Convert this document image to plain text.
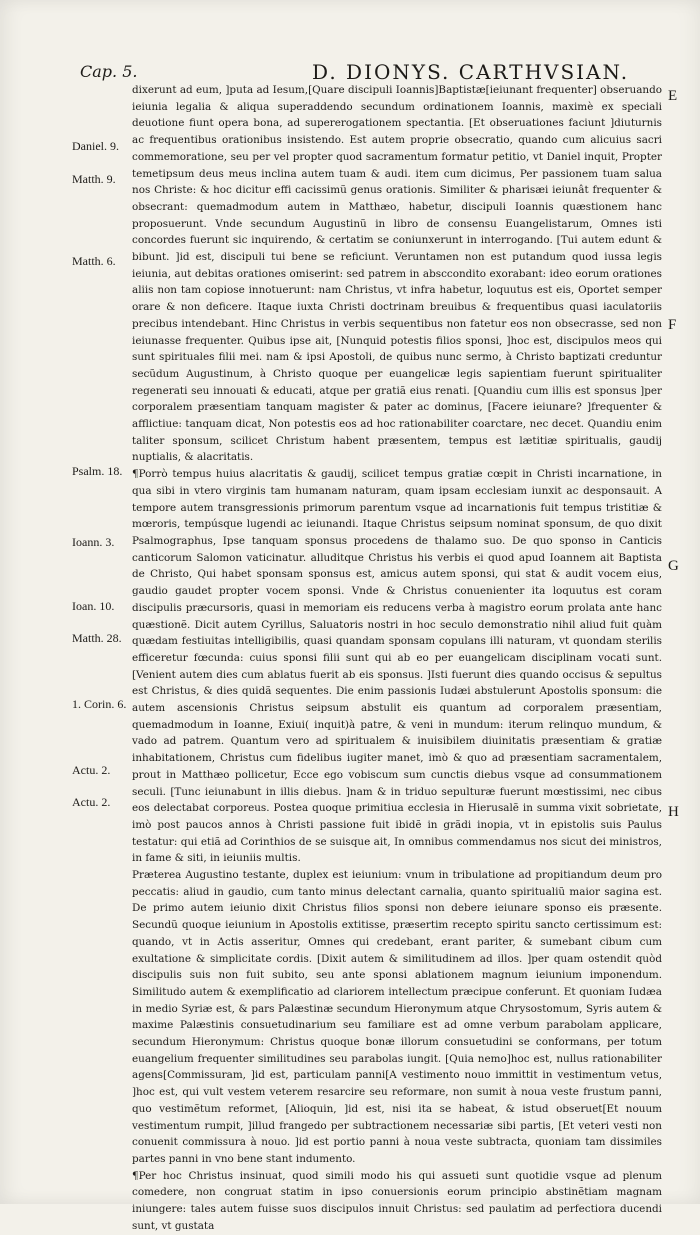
Cap. 5.	D. DIONYS. CARTHVSIAN.

dixerunt ad eum, ]puta ad Iesum,[Quare discipuli Ioannis]Baptistæ[ieiunant frequenter] obseruando ieiunia legalia & aliqua superaddendo secundum ordinationem Ioannis, maximè ex speciali deuotione fiunt opera bona, ad supererogationem spectantia. [Et obseruationes faciunt ]diuturnis ac frequentibus orationibus insistendo. Est autem proprie obsecratio, quando cum alicuius sacri commemoratione, seu per vel propter quod sacramentum formatur petitio, vt Daniel inquit, Propter temetipsum deus meus inclina autem tuam & audi. item cum dicimus, Per passionem tuam salua nos Christe: & hoc dicitur effi cacissimũ genus orationis. Similiter & pharisæi ieiunât frequenter & obsecrant: quemadmodum autem in Matthæo, habetur, discipuli Ioannis quæstionem hanc proposuerunt. Vnde secundum Augustinũ in libro de consensu Euangelistarum, Omnes isti concordes fuerunt sic inquirendo, & certatim se coniunxerunt in interrogando. [Tui autem edunt & bibunt. ]id est, discipuli tui bene se reficiunt. Veruntamen non est putandum quod iussa legis ieiunia, aut debitas orationes omiserint: sed patrem in absccondito exorabant: ideo eorum orationes aliis non tam copiose innotuerunt: nam Christus, vt infra habetur, loquutus est eis, Oportet semper orare & non deficere. Itaque iuxta Christi doctrinam breuibus & frequentibus quasi iaculatoriis precibus intendebant. Hinc Christus in verbis sequentibus non fatetur eos non obsecrasse, sed non ieiunasse frequenter. Quibus ipse ait, [Nunquid potestis filios sponsi, ]hoc est, discipulos meos qui sunt spirituales filii mei. nam & ipsi Apostoli, de quibus nunc sermo, à Christo baptizati creduntur secũdum Augustinum, à Christo quoque per euangelicæ legis sapientiam fuerunt spiritualiter regenerati seu innouati & educati, atque per gratiã eius renati. [Quandiu cum illis est sponsus ]per corporalem præsentiam tanquam magister & pater ac dominus, [Facere ieiunare? ]frequenter & afflictiue: tanquam dicat, Non potestis eos ad hoc rationabiliter coarctare, nec decet. Quandiu enim taliter sponsum, scilicet Christum habent præsentem, tempus est lætitiæ spiritualis, gaudij nuptialis, & alacritatis.

¶Porrò tempus huius alacritatis & gaudij, scilicet tempus gratiæ cœpit in Christi incarnatione, in qua sibi in vtero virginis tam humanam naturam, quam ipsam ecclesiam iunxit ac desponsauit. A tempore autem transgressionis primorum parentum vsque ad incarnationis fuit tempus tristitiæ & mœroris, tempúsque lugendi ac ieiunandi. Itaque Christus seipsum nominat sponsum, de quo dixit Psalmographus, Ipse tanquam sponsus procedens de thalamo suo. De quo sponso in Canticis canticorum Salomon vaticinatur. alluditque Christus his verbis ei quod apud Ioannem ait Baptista de Christo, Qui habet sponsam sponsus est, amicus autem sponsi, qui stat & audit vocem eius, gaudio gaudet propter vocem sponsi. Vnde & Christus conuenienter ita loquutus est coram discipulis præcursoris, quasi in memoriam eis reducens verba à magistro eorum prolata ante hanc quæstionẽ. Dicit autem Cyrillus, Saluatoris nostri in hoc seculo demonstratio nihil aliud fuit quàm quædam festiuitas intelligibilis, quasi quandam sponsam copulans illi naturam, vt quondam sterilis efficeretur fœcunda: cuius sponsi filii sunt qui ab eo per euangelicam disciplinam vocati sunt. [Venient autem dies cum ablatus fuerit ab eis sponsus. ]Isti fuerunt dies quando occisus & sepultus est Christus, & dies quidã sequentes. Die enim passionis Iudæi abstulerunt Apostolis sponsum: die autem ascensionis Christus seipsum abstulit eis quantum ad corporalem præsentiam, quemadmodum in Ioanne, Exiui( inquit)à patre, & veni in mundum: iterum relinquo mundum, & vado ad patrem. Quantum vero ad spiritualem & inuisibilem diuinitatis præsentiam & gratiæ inhabitationem, Christus cum fidelibus iugiter manet, imò & quo ad præsentiam sacramentalem, prout in Matthæo pollicetur, Ecce ego vobiscum sum cunctis diebus vsque ad consummationem seculi. [Tunc ieiunabunt in illis diebus. ]nam & in triduo sepulturæ fuerunt mœstissimi, nec cibus eos delectabat corporeus. Postea quoque primitiua ecclesia in Hierusalẽ in summa vixit sobrietate, imò post paucos annos à Christi passione fuit ibidẽ in grãdi inopia, vt in epistolis suis Paulus testatur: qui etiã ad Corinthios de se suisque ait, In omnibus commendamus nos sicut dei ministros, in fame & siti, in ieiuniis multis.

Præterea Augustino testante, duplex est ieiunium: vnum in tribulatione ad propitiandum deum pro peccatis: aliud in gaudio, cum tanto minus delectant carnalia, quanto spiritualiũ maior sagina est. De primo autem ieiunio dixit Christus filios sponsi non debere ieiunare sponso eis præsente. Secundũ quoque ieiunium in Apostolis extitisse, præsertim recepto spiritu sancto certissimum est: quando, vt in Actis asseritur, Omnes qui credebant, erant pariter, & sumebant cibum cum exultatione & simplicitate cordis. [Dixit autem & similitudinem ad illos. ]per quam ostendit quòd discipulis suis non fuit subito, seu ante sponsi ablationem magnum ieiunium imponendum. Similitudo autem & exemplificatio ad clariorem intellectum præcipue conferunt. Et quoniam Iudæa in medio Syriæ est, & pars Palæstinæ secundum Hieronymum atque Chrysostomum, Syris autem & maxime Palæstinis consuetudinarium seu familiare est ad omne verbum parabolam applicare, secundum Hieronymum: Christus quoque bonæ illorum consuetudini se conformans, per totum euangelium frequenter similitudines seu parabolas iungit. [Quia nemo]hoc est, nullus rationabiliter agens[Commissuram, ]id est, particulam panni[A vestimento nouo immittit in vestimentum vetus, ]hoc est, qui vult vestem veterem resarcire seu reformare, non sumit à noua veste frustum panni, quo vestimẽtum reformet, [Alioquin, ]id est, nisi ita se habeat, & istud obseruet[Et nouum vestimentum rumpit, ]illud frangedo per subtractionem necessariæ sibi partis, [Et veteri vesti non conuenit commissura à nouo. ]id est portio panni à noua veste subtracta, quoniam tam dissimiles partes panni in vno bene stant indumento.

¶Per hoc Christus insinuat, quod simili modo his qui assueti sunt quotidie vsque ad plenum comedere, non congruat statim in ipso conuersionis eorum principio abstinẽtiam magnam iniungere: tales autem fuisse suos discipulos innuit Christus: sed paulatim ad perfectiora ducendi sunt, vt gustata

Daniel. 9.
Matth. 9.
Matth. 6.
Psalm. 18.
Ioann. 3.
Ioan. 10.
Matth. 28.
1. Corin. 6.
Actu. 2.
Actu. 2.
E
F
G
H
